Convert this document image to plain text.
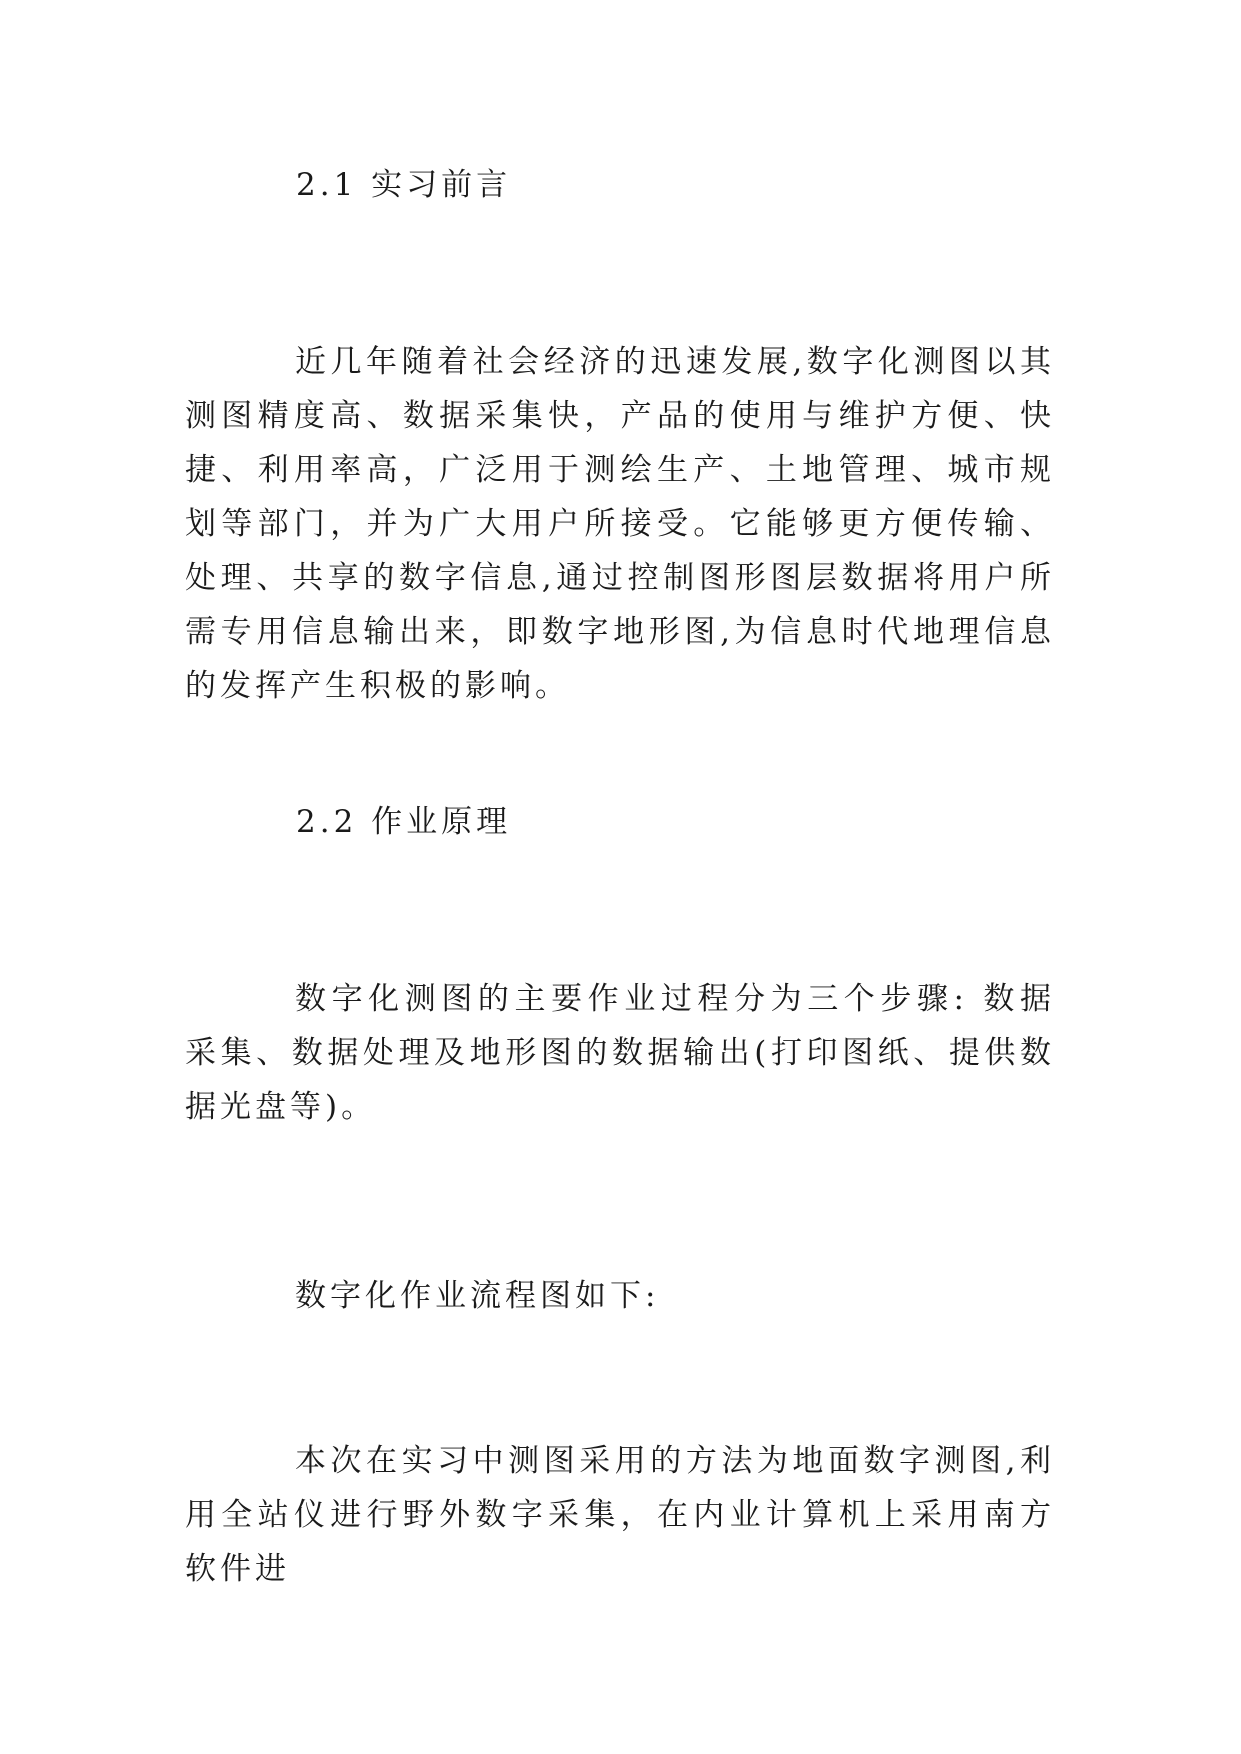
2.1 实习前言

近几年随着社会经济的迅速发展,数字化测图以其测图精度高、数据采集快，产品的使用与维护方便、快捷、利用率高，广泛用于测绘生产、土地管理、城市规划等部门，并为广大用户所接受。它能够更方便传输、处理、共享的数字信息,通过控制图形图层数据将用户所需专用信息输出来，即数字地形图,为信息时代地理信息的发挥产生积极的影响。

2.2 作业原理

数字化测图的主要作业过程分为三个步骤: 数据采集、数据处理及地形图的数据输出(打印图纸、提供数据光盘等)。

数字化作业流程图如下:

本次在实习中测图采用的方法为地面数字测图,利用全站仪进行野外数字采集，在内业计算机上采用南方软件进
